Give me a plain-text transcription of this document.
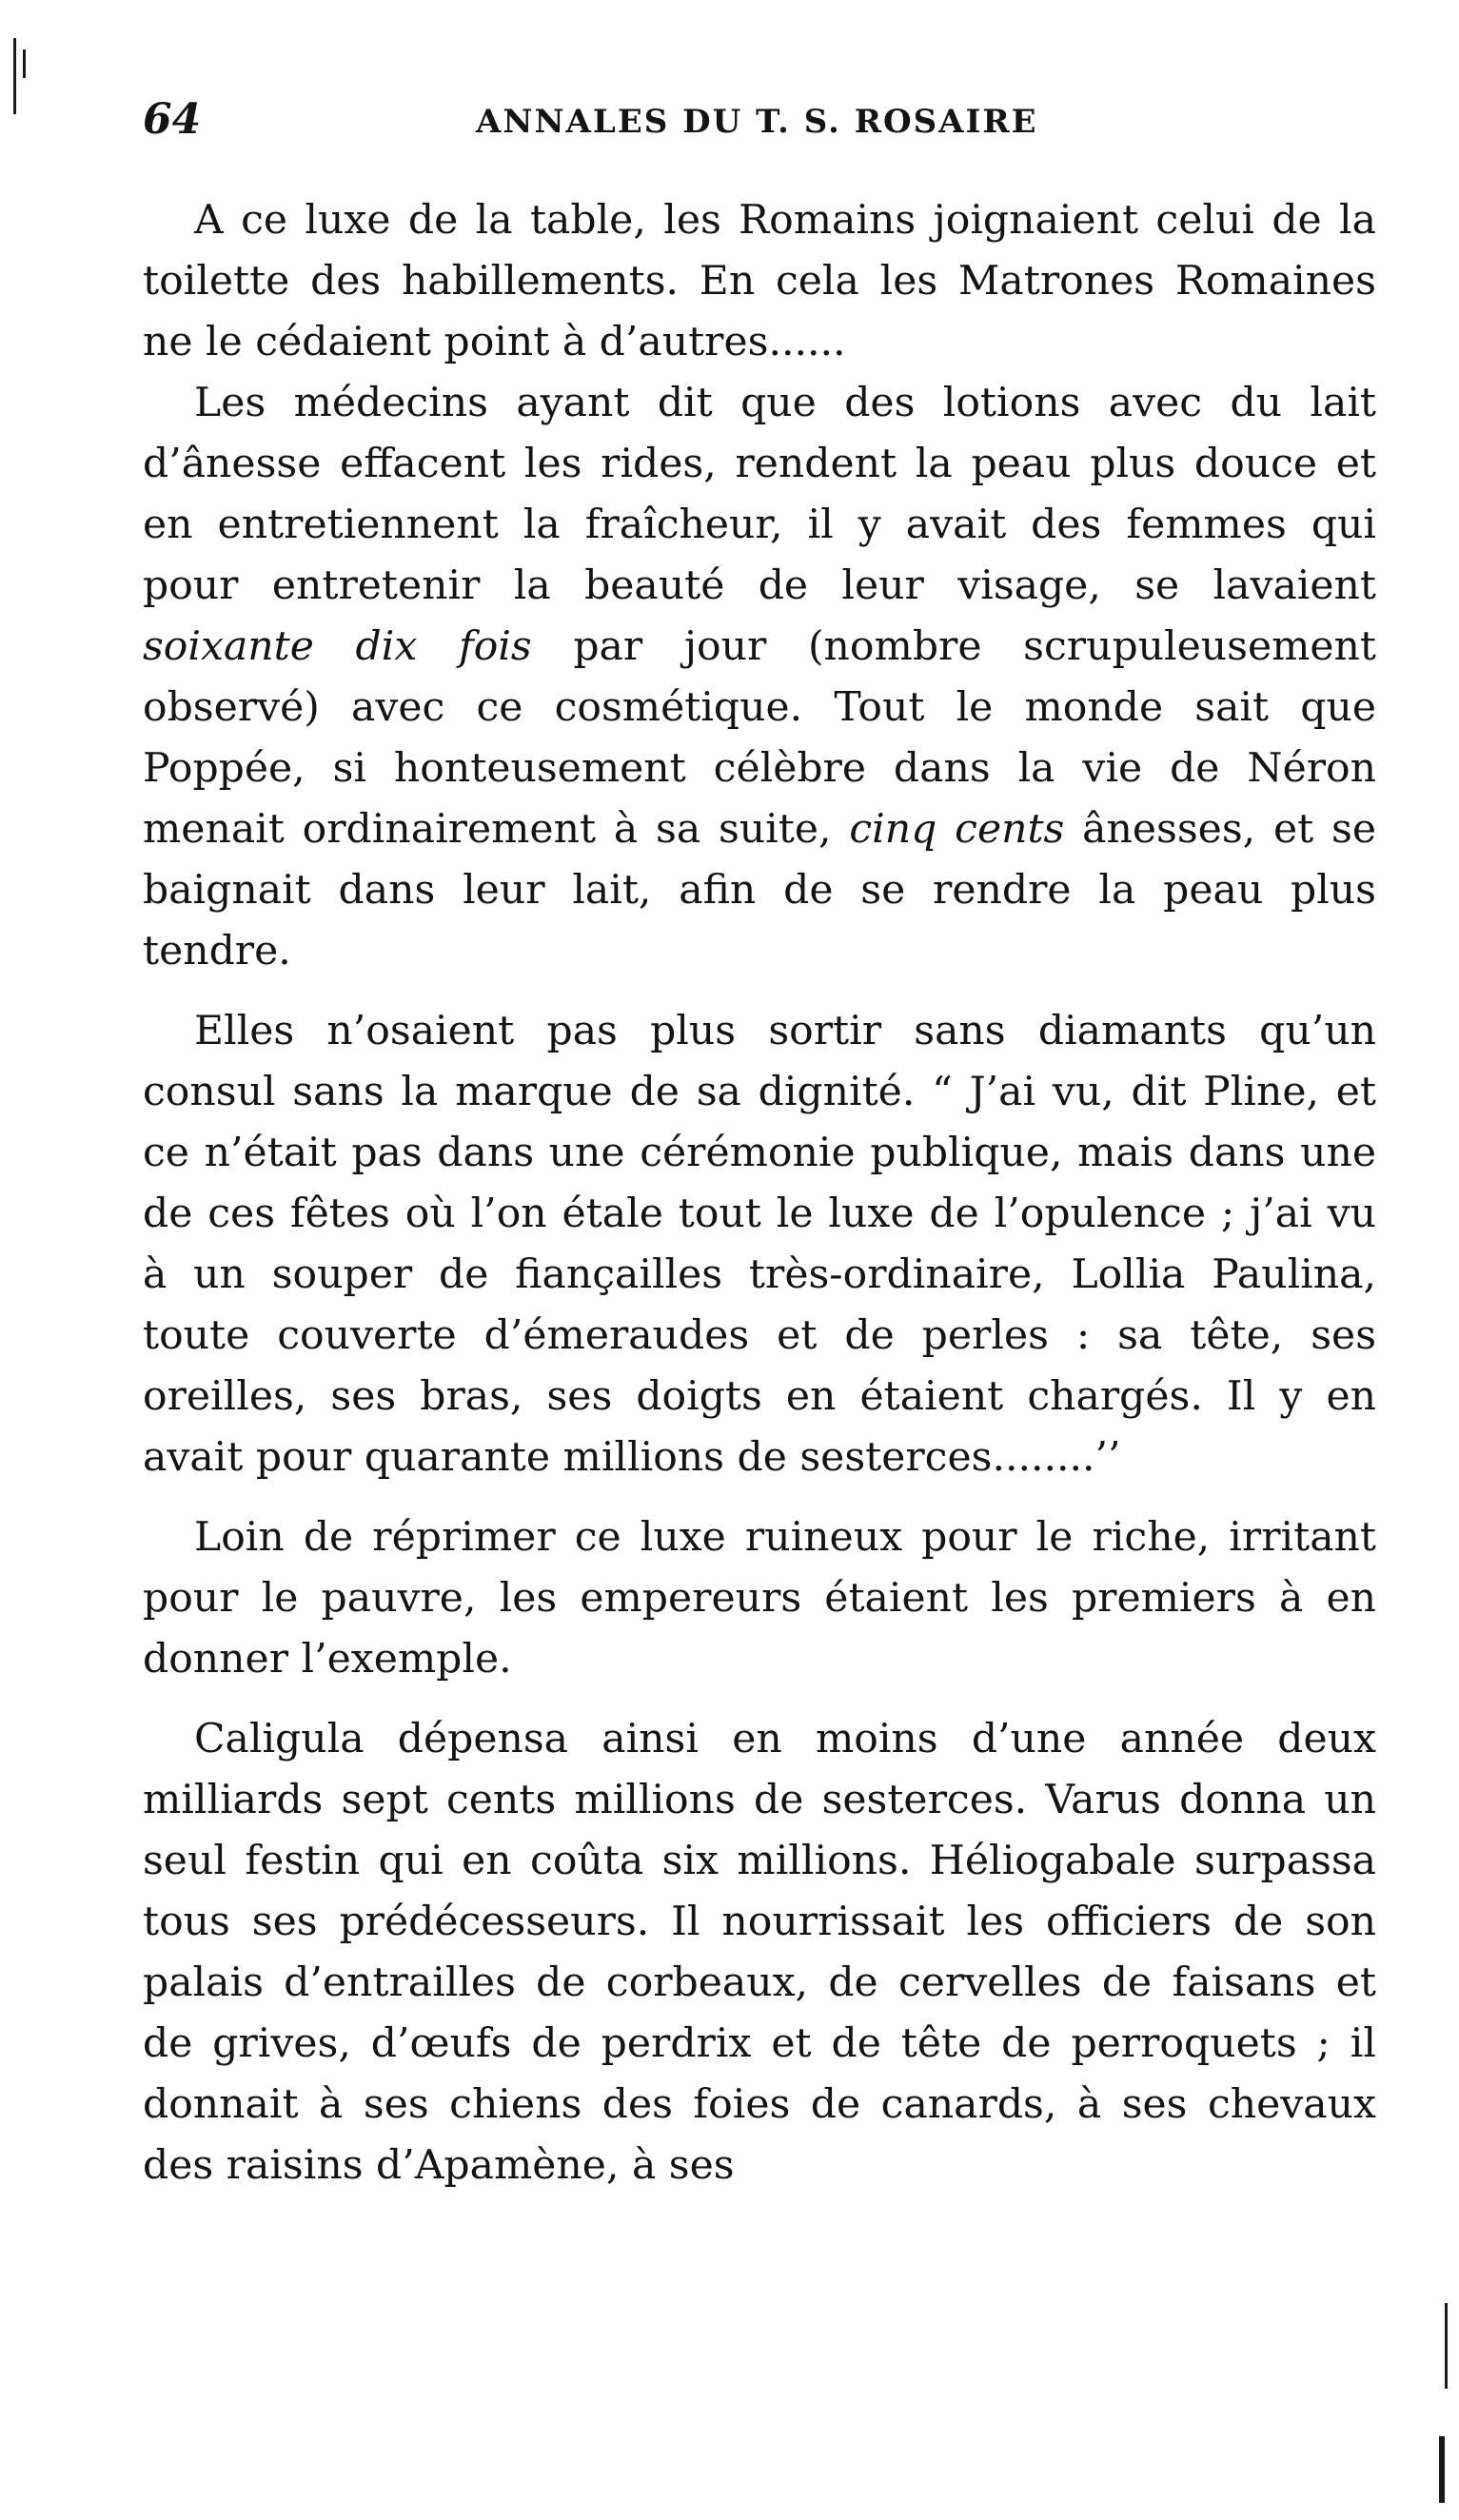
64	ANNALES DU T. S. ROSAIRE

A ce luxe de la table, les Romains joignaient celui de la toilette des habillements. En cela les Matrones Romaines ne le cédaient point à d’autres......

Les médecins ayant dit que des lotions avec du lait d’ânesse effacent les rides, rendent la peau plus douce et en entretiennent la fraîcheur, il y avait des femmes qui pour entretenir la beauté de leur visage, se lavaient soixante dix fois par jour (nombre scrupuleusement observé) avec ce cosmétique. Tout le monde sait que Poppée, si honteusement célèbre dans la vie de Néron menait ordinairement à sa suite, cinq cents ânesses, et se baignait dans leur lait, afin de se rendre la peau plus tendre.

Elles n’osaient pas plus sortir sans diamants qu’un consul sans la marque de sa dignité. “ J’ai vu, dit Pline, et ce n’était pas dans une cérémonie publique, mais dans une de ces fêtes où l’on étale tout le luxe de l’opulence ; j’ai vu à un souper de fiançailles très-ordinaire, Lollia Paulina, toute couverte d’émeraudes et de perles : sa tête, ses oreilles, ses bras, ses doigts en étaient chargés. Il y en avait pour quarante millions de sesterces........’’

Loin de réprimer ce luxe ruineux pour le riche, irritant pour le pauvre, les empereurs étaient les premiers à en donner l’exemple.

Caligula dépensa ainsi en moins d’une année deux milliards sept cents millions de sesterces. Varus donna un seul festin qui en coûta six millions. Héliogabale surpassa tous ses prédécesseurs. Il nourrissait les officiers de son palais d’entrailles de corbeaux, de cervelles de faisans et de grives, d’œufs de perdrix et de tête de perroquets ; il donnait à ses chiens des foies de canards, à ses chevaux des raisins d’Apamène, à ses
